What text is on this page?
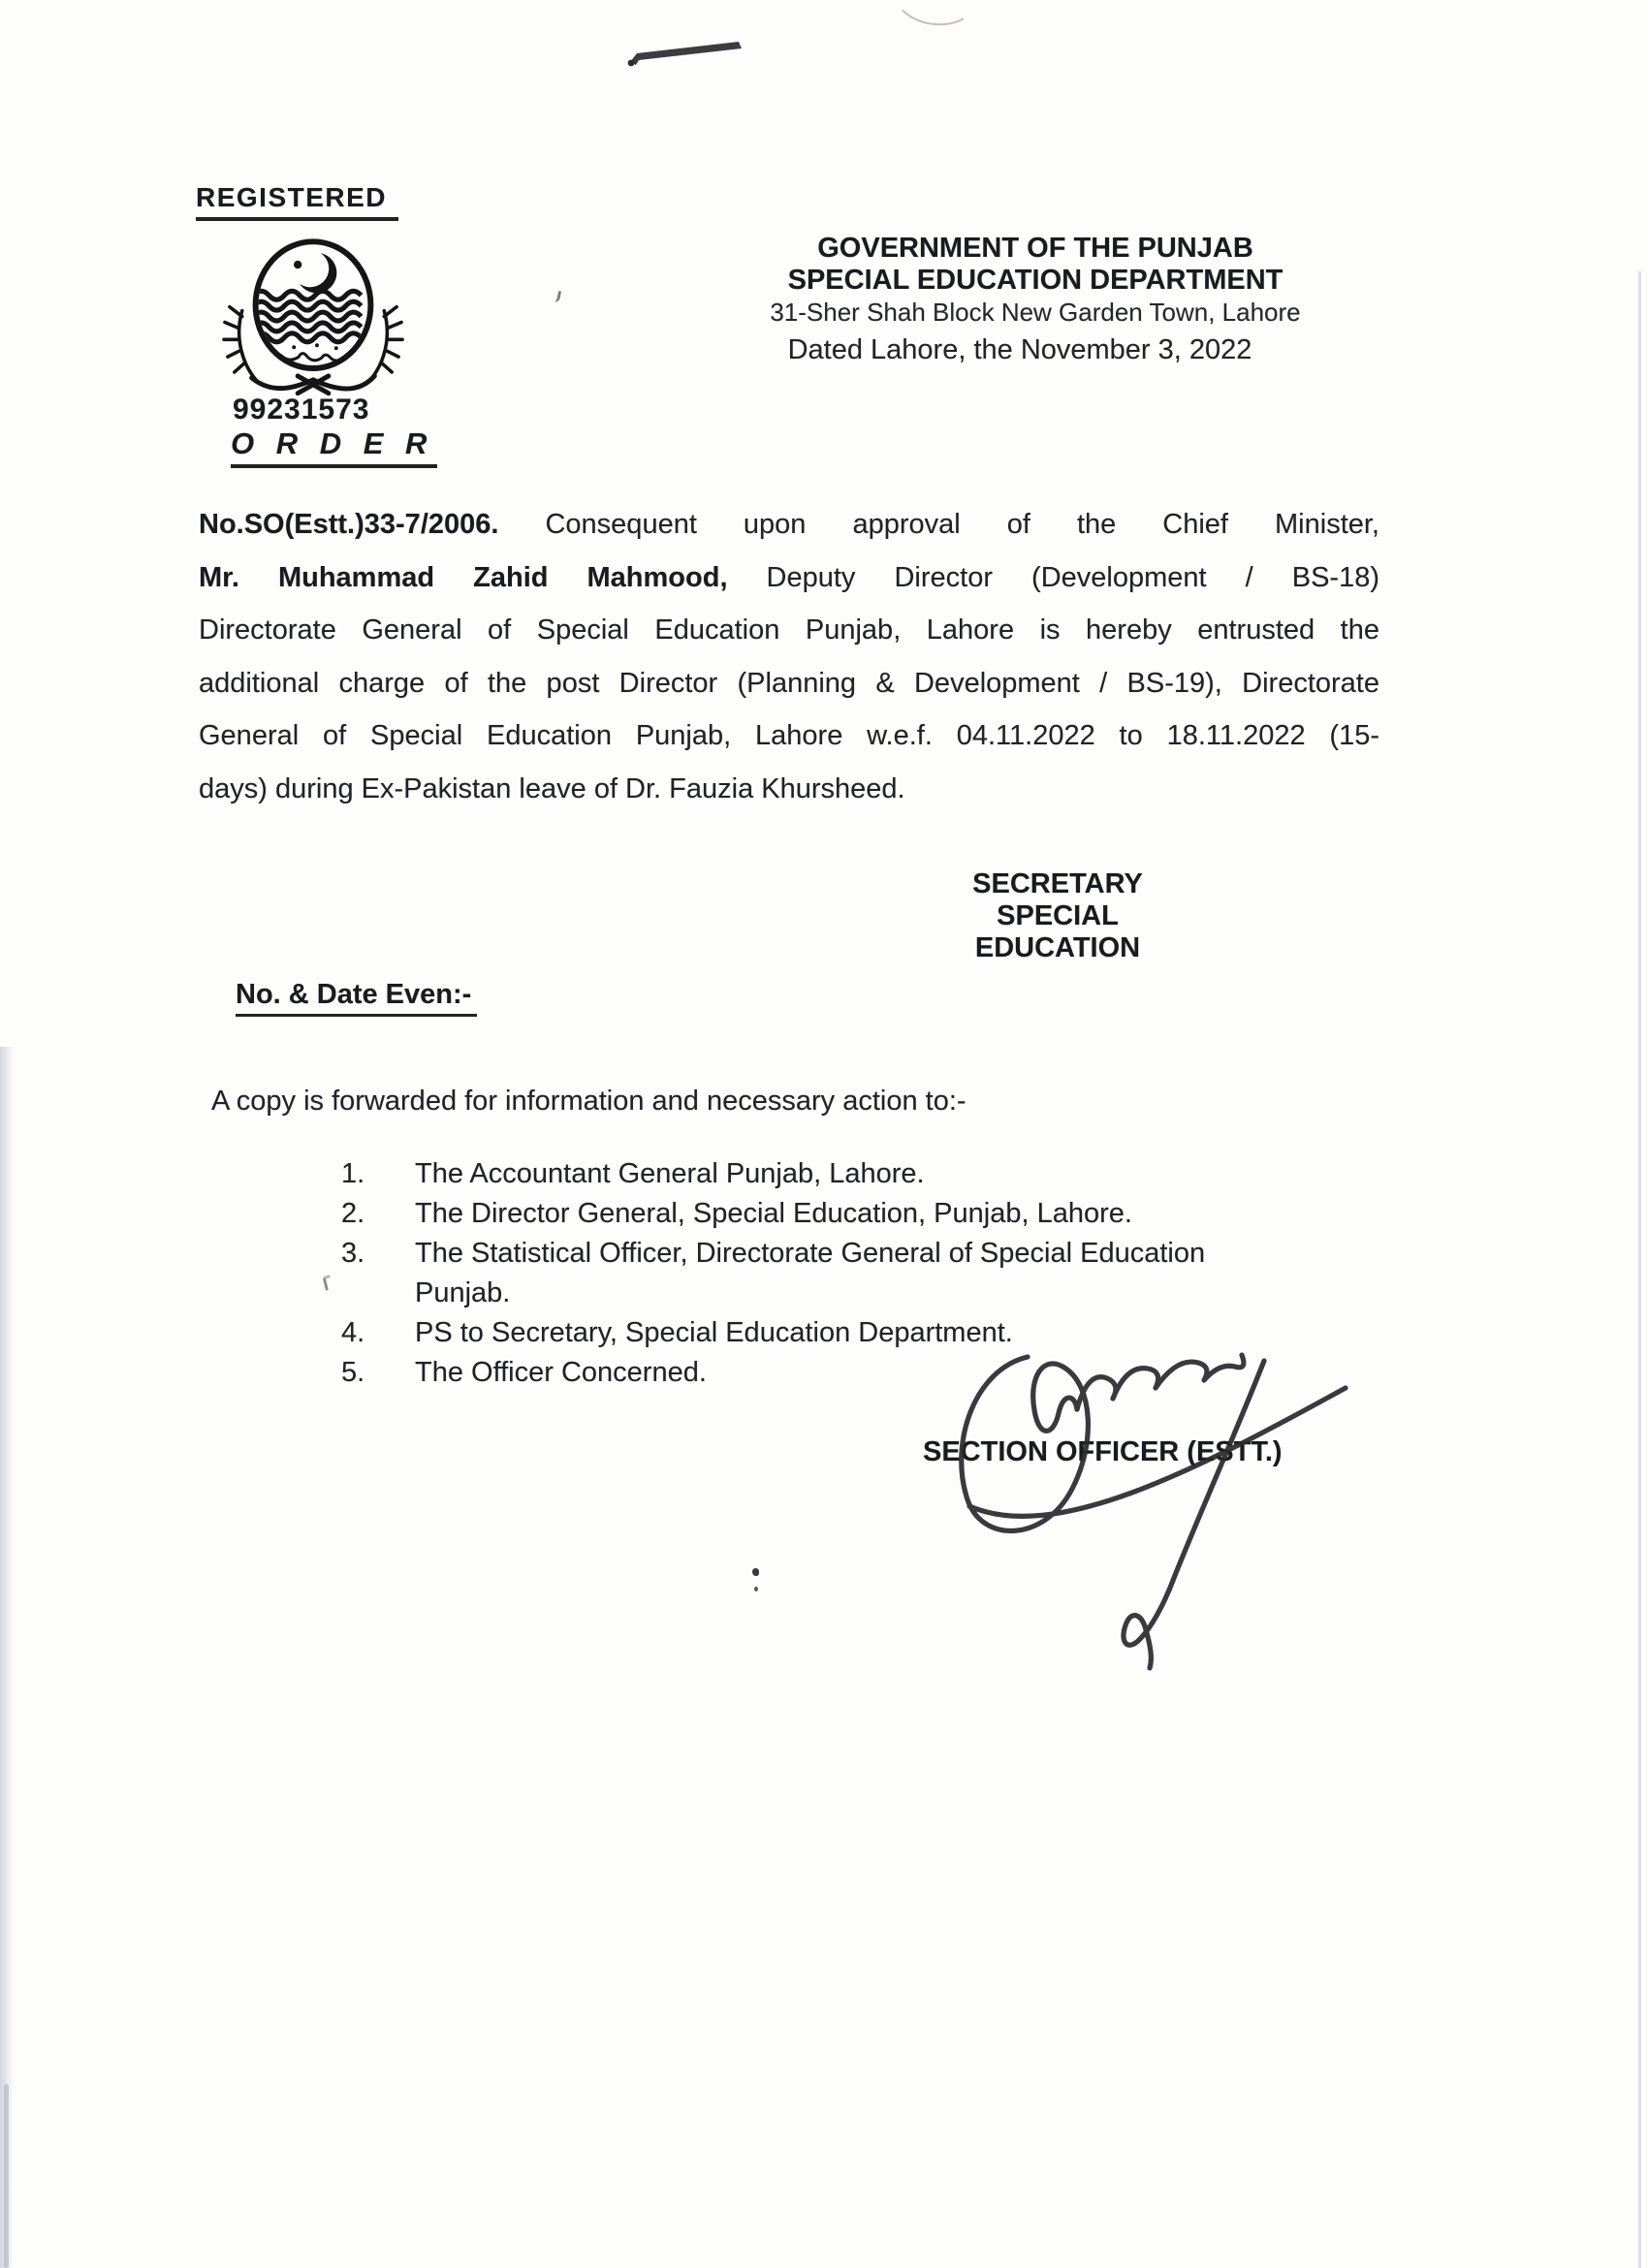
REGISTERED
GOVERNMENT OF THE PUNJAB
SPECIAL EDUCATION DEPARTMENT
31-Sher Shah Block New Garden Town, Lahore
Dated Lahore, the November 3, 2022
99231573
O R D E R
No.SO(Estt.)33-7/2006. Consequent upon approval of the Chief Minister,
Mr. Muhammad Zahid Mahmood, Deputy Director (Development / BS-18)
Directorate General of Special Education Punjab, Lahore is hereby entrusted the
additional charge of the post Director (Planning & Development / BS-19), Directorate
General of Special Education Punjab, Lahore w.e.f. 04.11.2022 to 18.11.2022 (15-
days) during Ex-Pakistan leave of Dr. Fauzia Khursheed.
SECRETARY
SPECIAL EDUCATION
No. & Date Even:-
A copy is forwarded for information and necessary action to:-
1.	The Accountant General Punjab, Lahore.
2.	The Director General, Special Education, Punjab, Lahore.
3.	The Statistical Officer, Directorate General of Special Education
Punjab.
4.	PS to Secretary, Special Education Department.
5.	The Officer Concerned.
SECTION OFFICER (ESTT.)
